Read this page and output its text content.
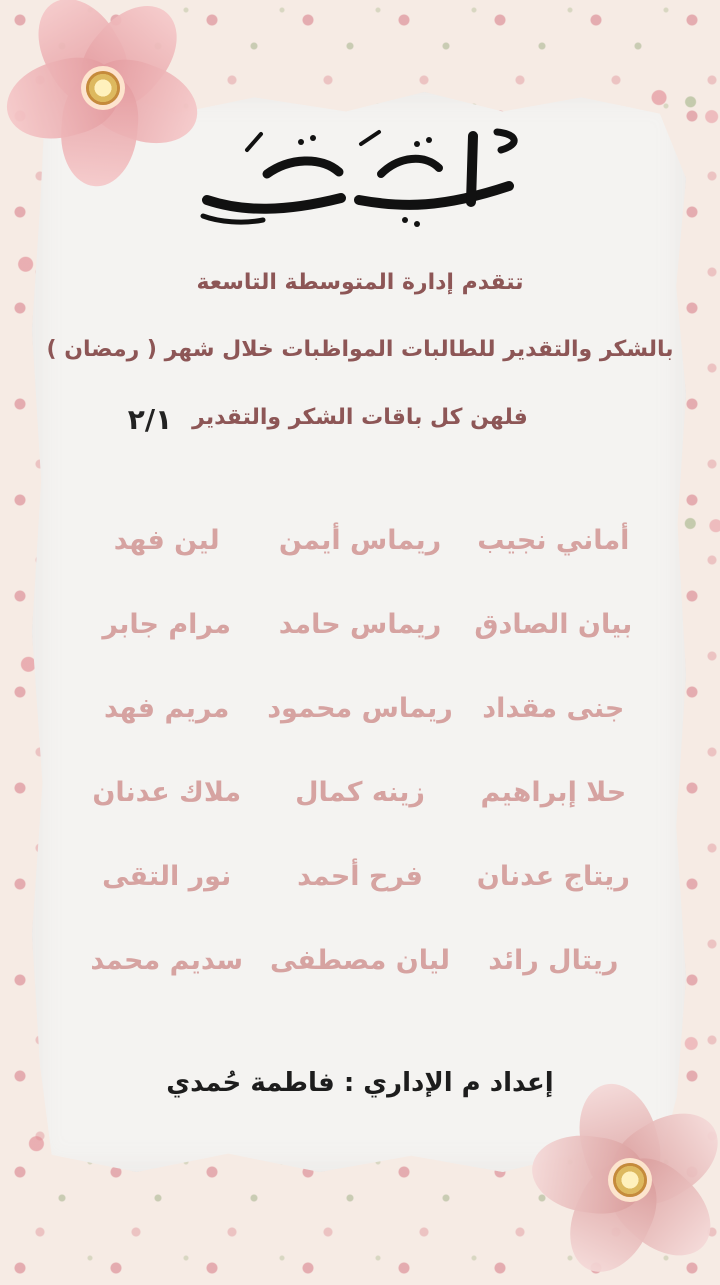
تتقدم إدارة المتوسطة التاسعة

بالشكر والتقدير للطالبات المواظبات خلال شهر ( رمضان )

فلهن كل باقات الشكر والتقدير

٢/١

أماني نجيب
ريماس أيمن
لين فهد
بيان الصادق
ريماس حامد
مرام جابر
جنى مقداد
ريماس محمود
مريم فهد
حلا إبراهيم
زينه كمال
ملاك عدنان
ريتاج عدنان
فرح أحمد
نور التقى
ريتال رائد
ليان مصطفى
سديم محمد

إعداد م الإداري : فاطمة حُمدي
